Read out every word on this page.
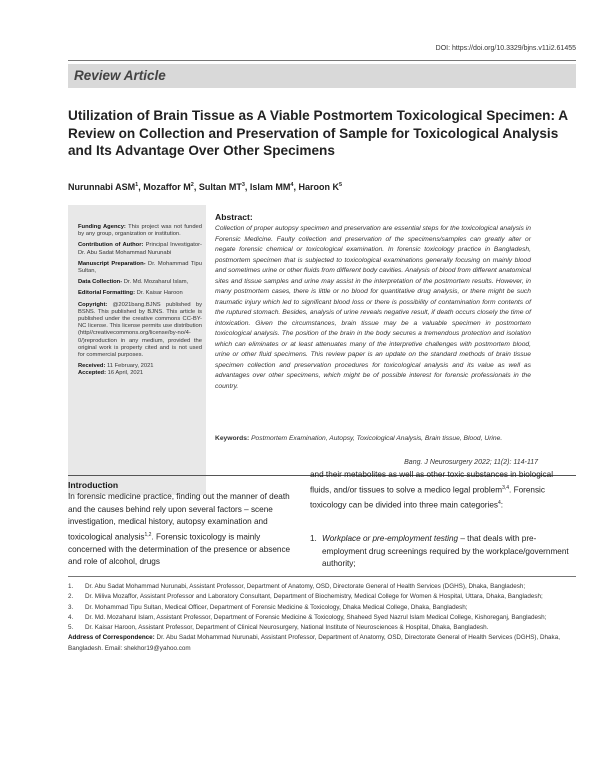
DOI: https://doi.org/10.3329/bjns.v11i2.61455
Review Article
Utilization of Brain Tissue as A Viable Postmortem Toxicological Specimen: A Review on Collection and Preservation of Sample for Toxicological Analysis and Its Advantage Over Other Specimens
Nurunnabi ASM$^1$, Mozaffor $M^2$, Sultan $MT^3$, Islam $MM^4$, Haroon $K^5$

Funding Agency: This project was not funded by any group, organization or institution.

Contribution of Author: Principal Investigator- Dr. Abu Sadat Mohammad Nurunabi

Manuscript Preparation- Dr. Mohammad Tipu Sultan,

Data Collection- Dr. Md. Mozaharul Islam,

Editorial Formatting: Dr. Kaisar Haroon

Copyright: @2021bang.BJNS published by BSNS. This published by BJNS. This article is published under the creative commons CC-BY-NC license. This license permits use distribution (http//creativecommons.org/license/by-no/4-0/)reproduction in any medium, provided the original work is property cited and is not used for commercial purposes.

Received: 11 February, 2021

Accepted: 16 April, 2021

Abstract:

Collection of proper autopsy specimen and preservation are essential steps for the toxicological analysis in Forensic Medicine. Faulty collection and preservation of the specimens/samples can greatly alter or negate forensic chemical or toxicological examination. In forensic toxicology practice in Bangladesh, postmortem specimen that is subjected to toxicological examinations generally focusing on mainly blood and sometimes urine or other fluids from different body cavities. Analysis of blood from different anatomical sites and tissue samples and urine may assist in the interpretation of the postmortem results. However, in many postmortem cases, there is little or no blood for quantitative drug analysis, or there might be such traumatic injury which led to significant blood loss or there is possibility of contamination form contents of the ruptured stomach. Besides, analysis of urine reveals negative result, if death occurs closely the time of intoxication. Given the circumstances, brain tissue may be a valuable specimen in postmortem toxicological analysis. The position of the brain in the body secures a tremendous protection and isolation which can eliminates or at least attenuates many of the interpretive challenges with postmortem blood, urine or other fluid specimens. This review paper is an update on the standard methods of brain tissue specimen collection and preservation procedures for toxicological analysis and its value as well as advantages over other specimens, which might be of possible interest for forensic professionals in the country.

Keywords: Postmortem Examination, Autopsy, Toxicological Analysis, Brain tissue, Blood, Urine.

Bang. J Neurosurgery 2022; 11(2): 114-117
Introduction

In forensic medicine practice, finding out the manner of death and the causes behind rely upon several factors – scene investigation, medical history, autopsy examination and toxicological analysis$^{1,2}$. Forensic toxicology is mainly concerned with the determination of the presence or absence and role of alcohol, drugs

and their metabolites as well as other toxic substances in biological fluids, and/or tissues to solve a medico legal problem$^{3,4}$. Forensic toxicology can be divided into three main categories$^4$:

1. Workplace or pre-employment testing – that deals with pre-employment drug screenings required by the workplace/government authority;
1. Dr. Abu Sadat Mohammad Nurunabi, Assistant Professor, Department of Anatomy, OSD, Directorate General of Health Services (DGHS), Dhaka, Bangladesh;
2. Dr. Miliva Mozaffor, Assistant Professor and Laboratory Consultant, Department of Biochemistry, Medical College for Women & Hospital, Uttara, Dhaka, Bangladesh;
3. Dr. Mohammad Tipu Sultan, Medical Officer, Department of Forensic Medicine & Toxicology, Dhaka Medical College, Dhaka, Bangladesh;
4. Dr. Md. Mozaharul Islam, Assistant Professor, Department of Forensic Medicine & Toxicology, Shaheed Syed Nazrul Islam Medical College, Kishoreganj, Bangladesh;
5. Dr. Kaisar Haroon, Assistant Professor, Department of Clinical Neurosurgery, National Institute of Neurosciences & Hospital, Dhaka, Bangladesh.
Address of Correspondence: Dr. Abu Sadat Mohammad Nurunabi, Assistant Professor, Department of Anatomy, OSD, Directorate General of Health Services (DGHS), Dhaka, Bangladesh. Email: shekhor19@yahoo.com
